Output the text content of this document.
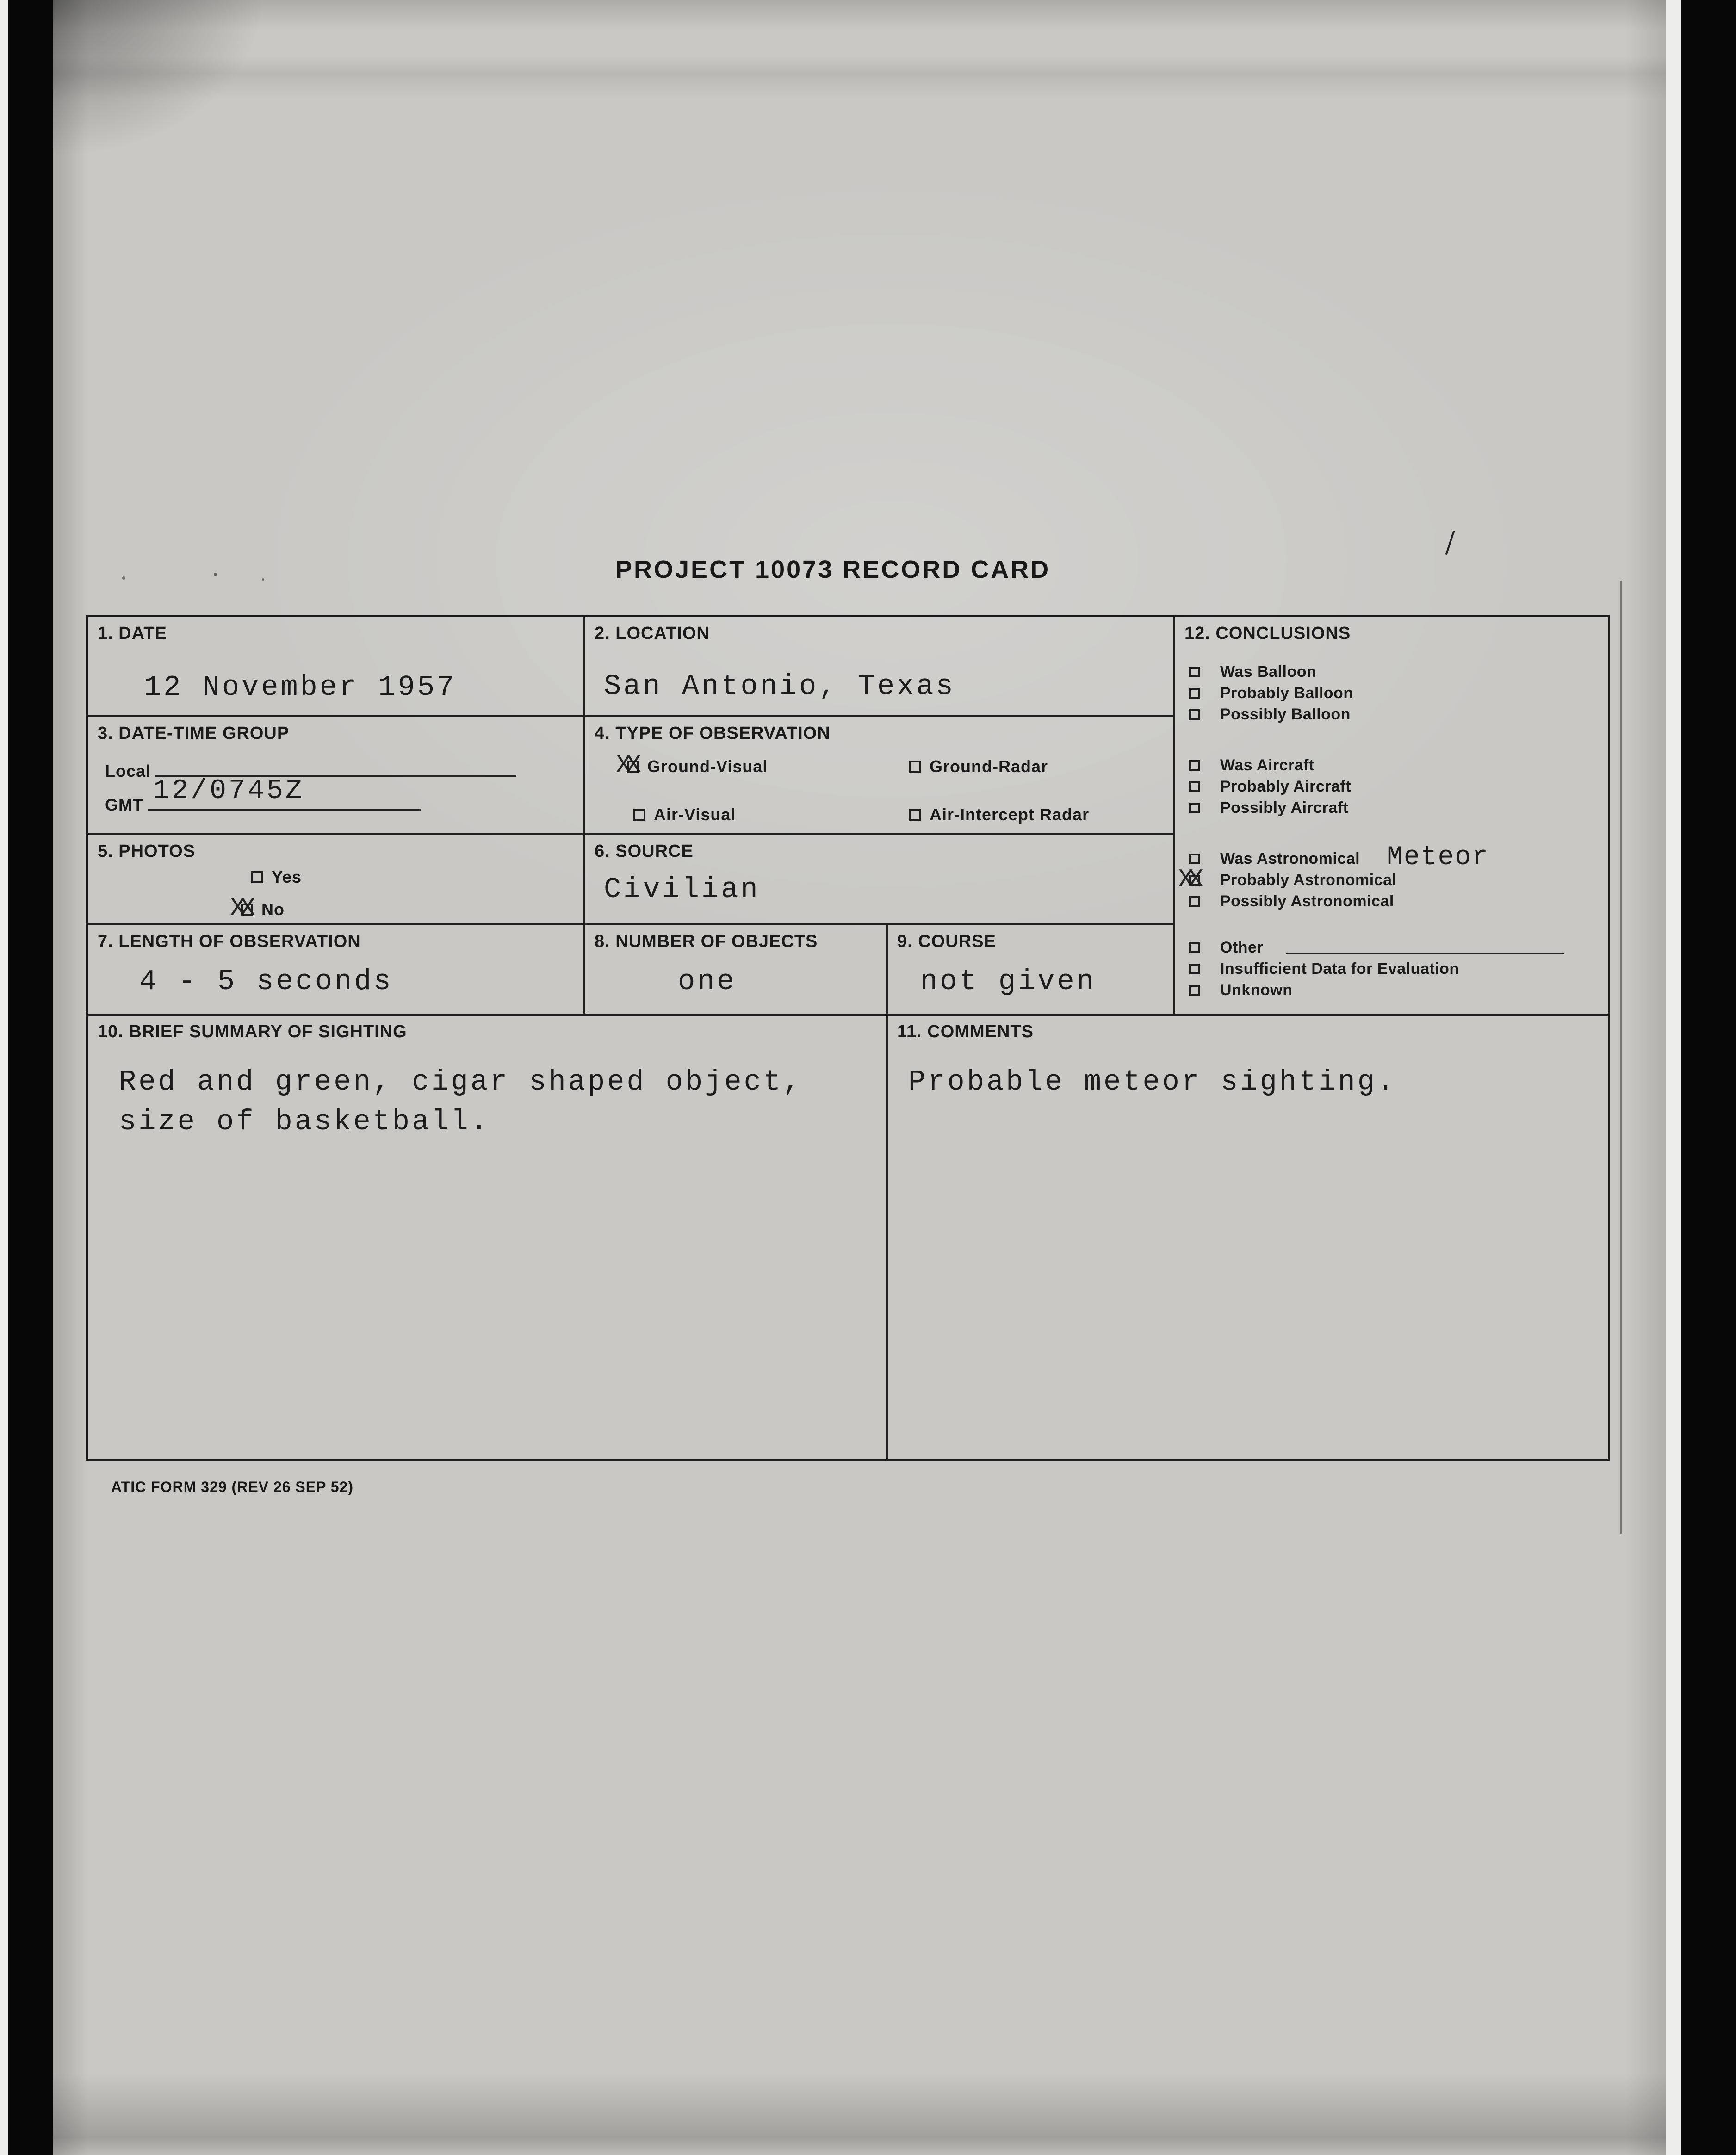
PROJECT 10073 RECORD CARD
1. DATE
12 November 1957
2. LOCATION
San Antonio, Texas
12. CONCLUSIONS
Was Balloon
Probably Balloon
Possibly Balloon
Was Aircraft
Probably Aircraft
Possibly Aircraft
Was Astronomical Meteor
XX Probably Astronomical
Possibly Astronomical
Other
Insufficient Data for Evaluation
Unknown
3. DATE-TIME GROUP
Local
GMT 12/0745Z
4. TYPE OF OBSERVATION
XX Ground-Visual	Ground-Radar
Air-Visual	Air-Intercept Radar
5. PHOTOS
Yes
XX No
6. SOURCE
Civilian
7. LENGTH OF OBSERVATION
4 - 5 seconds
8. NUMBER OF OBJECTS
one
9. COURSE
not given
10. BRIEF SUMMARY OF SIGHTING
Red and green, cigar shaped object, size of basketball.
11. COMMENTS
Probable meteor sighting.
ATIC FORM 329 (REV 26 SEP 52)
